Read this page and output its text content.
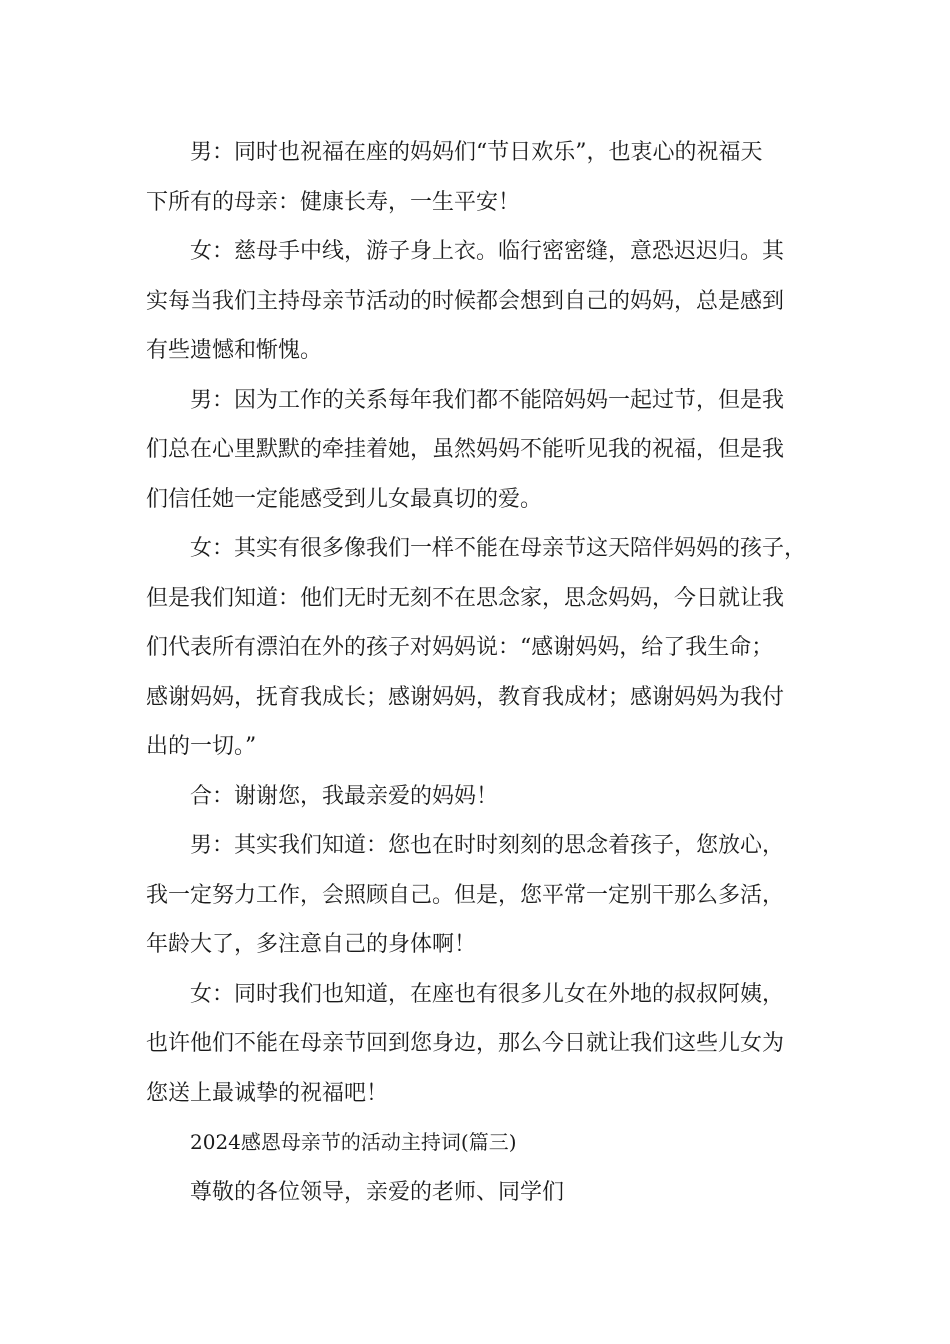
男：同时也祝福在座的妈妈们“节日欢乐”，也衷心的祝福天
下所有的母亲：健康长寿，一生平安！
女：慈母手中线，游子身上衣。临行密密缝，意恐迟迟归。其
实每当我们主持母亲节活动的时候都会想到自己的妈妈，总是感到
有些遗憾和惭愧。
男：因为工作的关系每年我们都不能陪妈妈一起过节，但是我
们总在心里默默的牵挂着她，虽然妈妈不能听见我的祝福，但是我
们信任她一定能感受到儿女最真切的爱。
女：其实有很多像我们一样不能在母亲节这天陪伴妈妈的孩子，
但是我们知道：他们无时无刻不在思念家，思念妈妈，今日就让我
们代表所有漂泊在外的孩子对妈妈说：“感谢妈妈，给了我生命；
感谢妈妈，抚育我成长；感谢妈妈，教育我成材；感谢妈妈为我付
出的一切。”
合：谢谢您，我最亲爱的妈妈！
男：其实我们知道：您也在时时刻刻的思念着孩子，您放心，
我一定努力工作，会照顾自己。但是，您平常一定别干那么多活，
年龄大了，多注意自己的身体啊！
女：同时我们也知道，在座也有很多儿女在外地的叔叔阿姨，
也许他们不能在母亲节回到您身边，那么今日就让我们这些儿女为
您送上最诚挚的祝福吧！
2024感恩母亲节的活动主持词(篇三)
尊敬的各位领导，亲爱的老师、同学们
